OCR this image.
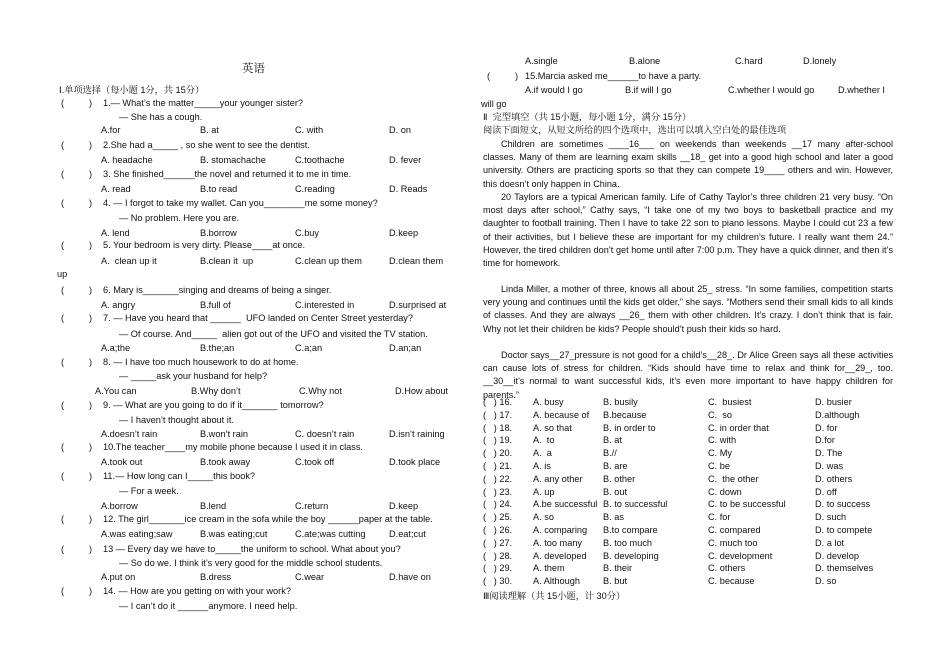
英语
Ⅰ.单项选择（每小题 1分，共 15分）
(	) 1.— What’s the matter_____your younger sister?
— She has a cough.
A.for	B. at	C. with	D. on
(	) 2.She had a_____ , so she went to see the dentist.
A. headache	B. stomachache	C.toothache	D. fever
(	) 3. She finished______the novel and returned it to me in time.
A. read	B.to read	C.reading	D. Reads
(	) 4. — I forgot to take my wallet. Can you________me some money?
— No problem. Here you are.
A. lend	B.borrow	C.buy	D.keep
(	) 5. Your bedroom is very dirty. Please____at once.
A.  clean up it	B.clean it  up	C.clean up them	D.clean them
up
(	) 6. Mary is_______singing and dreams of being a singer.
A. angry	B.full of	C.interested in	D.surprised at
(	) 7. — Have you heard that ______  UFO landed on Center Street yesterday?
— Of course. And_____  alien got out of the UFO and visited the TV station.
A.a;the	B.the;an	C.a;an	D.an;an
(	) 8. — I have too much housework to do at home.
— _____ask your husband for help?
A.You can	B.Why don’t	C.Why not	D.How about
(	) 9. — What are you going to do if it_______ tomorrow?
— I haven’t thought about it.
A.doesn’t rain	B.won’t rain	C. doesn’t rain	D.isn’t raining
(	) 10.The teacher____my mobile phone because I used it in class.
A.took out	B.took away	C.took off	D.took place
(	) 11.— How long can I_____this book?
— For a week.
A.borrow	B.lend	C.return	D.keep
(	) 12. The girl_______ice cream in the sofa while the boy ______paper at the table.
A.was eating;saw	B.was eating;cut	C.ate;was cutting	D.eat;cut
(	) 13 — Every day we have to_____the uniform to school. What about you?
— So do we. I think it’s very good for the middle school students.
A.put on	B.dress	C.wear	D.have on
(	) 14. — How are you getting on with your work?
— I can’t do it ______anymore. I need help.
A.single	B.alone	C.hard	D.lonely
(	) 15.Marcia asked me______to have a party.
A.if would I go	B.if will I go	C.whether I would go	D.whether I
will go
Ⅱ  完型填空（共 15小题，每小题 1分，满分 15分）
阅读下面短文，从短文所给的四个选项中，选出可以填入空白处的最佳选项
Children are sometimes ____16___ on weekends than weekends __17 many after-school classes. Many of them are learning exam skills __18_ get into a good high school and later a good university. Others are practicing sports so that they can compete 19____ others and win. However, this doesn’t only happen in China.
20 Taylors are a typical American family. Life of Cathy Taylor’s three children 21 very busy. “On most days after school,” Cathy says, “I take one of my two boys to basketball practice and my daughter to football training. Then I have to take 22 son to piano lessons. Maybe I could cut 23 a few of their activities, but I believe these are important for my children’s future. I really want them 24.” However, the tired children don’t get home until after 7:00 p.m. They have a quick dinner, and then it’s time for homework.
Linda Miller, a mother of three, knows all about 25_ stress. “In some families, competition starts very young and continues until the kids get older,” she says. “Mothers send their small kids to all kinds of classes. And they are always __26_ them with other children. It’s crazy. I don’t think that is fair. Why not let their children be kids? People should’t push their kids so hard.
Doctor says__27_pressure is not good for a child’s__28_. Dr Alice Green says all these activities can cause lots of stress for children. “Kids should have time to relax and think for__29_, too. __30__it’s normal to want successful kids, it’s even more important to have happy children for parents.”
(   ) 16. A. busy	B. busily	C.  busiest	D. busier
(   ) 17. A. because of B.because	C.  so	D.although
(   ) 18. A. so that	B. in order to	C. in order that	D. for
(   ) 19. A.  to	B. at	C. with	D.for
(   ) 20. A.  a	B.//	C. My	D. The
(   ) 21. A. is	B. are	C. be	D. was
(   ) 22. A. any other B. other	C.  the other	D. others
(   ) 23. A. up	B. out	C. down	D. off
(   ) 24. A.be successful B. to successful	C. to be successful	D. to success
(   ) 25. A. so	B. as	C. for	D. such
(   ) 26. A. comparing B.to compare	C. compared	D. to compete
(   ) 27. A. too many B. too much	C. much too	D. a lot
(   ) 28. A. developed B. developing	C. development	D. develop
(   ) 29. A. them	B. their	C. others	D. themselves
(   ) 30. A. Although	B. but	C. because	D. so
Ⅲ阅读理解（共 15小题，计 30分）
